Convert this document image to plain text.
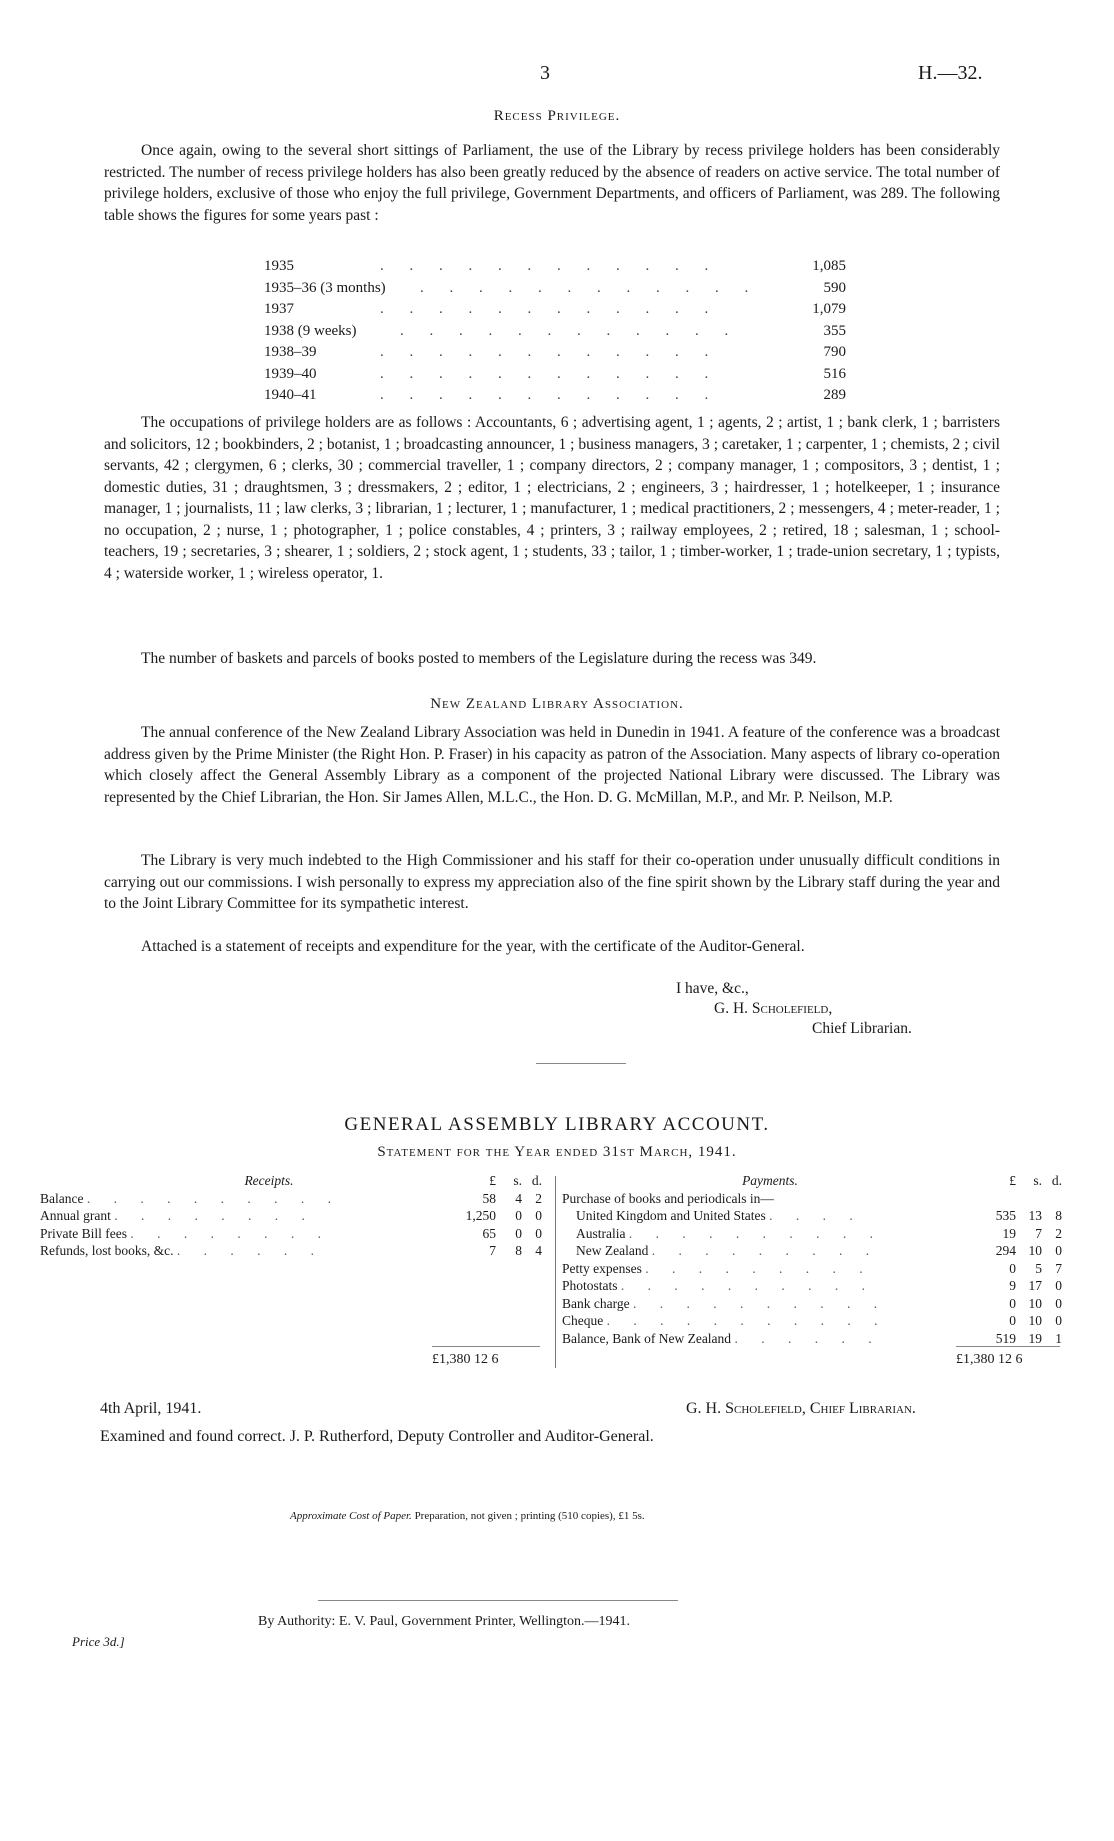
3	H.—32.
Recess Privilege.

Once again, owing to the several short sittings of Parliament, the use of the Library by recess privilege holders has been considerably restricted. The number of recess privilege holders has also been greatly reduced by the absence of readers on active service. The total number of privilege holders, exclusive of those who enjoy the full privilege, Government Departments, and officers of Parliament, was 289. The following table shows the figures for some years past :

1935	. . . . . . . . . . . .	1,085
1935–36 (3 months)	. . . . . . . . . . . .	590
1937	. . . . . . . . . . . .	1,079
1938 (9 weeks)	. . . . . . . . . . . .	355
1938–39	. . . . . . . . . . . .	790
1939–40	. . . . . . . . . . . .	516
1940–41	. . . . . . . . . . . .	289

The occupations of privilege holders are as follows : Accountants, 6 ; advertising agent, 1 ; agents, 2 ; artist, 1 ; bank clerk, 1 ; barristers and solicitors, 12 ; bookbinders, 2 ; botanist, 1 ; broadcasting announcer, 1 ; business managers, 3 ; caretaker, 1 ; carpenter, 1 ; chemists, 2 ; civil servants, 42 ; clergymen, 6 ; clerks, 30 ; commercial traveller, 1 ; company directors, 2 ; company manager, 1 ; compositors, 3 ; dentist, 1 ; domestic duties, 31 ; draughtsmen, 3 ; dressmakers, 2 ; editor, 1 ; electricians, 2 ; engineers, 3 ; hairdresser, 1 ; hotelkeeper, 1 ; insurance manager, 1 ; journalists, 11 ; law clerks, 3 ; librarian, 1 ; lecturer, 1 ; manufacturer, 1 ; medical practitioners, 2 ; messengers, 4 ; meter-reader, 1 ; no occupation, 2 ; nurse, 1 ; photographer, 1 ; police constables, 4 ; printers, 3 ; railway employees, 2 ; retired, 18 ; salesman, 1 ; school-teachers, 19 ; secretaries, 3 ; shearer, 1 ; soldiers, 2 ; stock agent, 1 ; students, 33 ; tailor, 1 ; timber-worker, 1 ; trade-union secretary, 1 ; typists, 4 ; waterside worker, 1 ; wireless operator, 1.

The number of baskets and parcels of books posted to members of the Legislature during the recess was 349.

New Zealand Library Association.

The annual conference of the New Zealand Library Association was held in Dunedin in 1941. A feature of the conference was a broadcast address given by the Prime Minister (the Right Hon. P. Fraser) in his capacity as patron of the Association. Many aspects of library co-operation which closely affect the General Assembly Library as a component of the projected National Library were discussed. The Library was represented by the Chief Librarian, the Hon. Sir James Allen, M.L.C., the Hon. D. G. McMillan, M.P., and Mr. P. Neilson, M.P.

The Library is very much indebted to the High Commissioner and his staff for their co-operation under unusually difficult conditions in carrying out our commissions. I wish personally to express my appreciation also of the fine spirit shown by the Library staff during the year and to the Joint Library Committee for its sympathetic interest.

Attached is a statement of receipts and expenditure for the year, with the certificate of the Auditor-General.

I have, &c.,
G. H. Scholefield,
Chief Librarian.
GENERAL ASSEMBLY LIBRARY ACCOUNT.
Statement for the Year ended 31st March, 1941.
Receipts.	£	s. d.
Balance . . . . . . . . . .	58	4 2
Annual grant . . . . . . . .	1,250	0 0
Private Bill fees . . . . . . . .	65	0 0
Refunds, lost books, &c. . . . . . .	7	8 4
Payments.	£	s. d.
Purchase of books and periodicals in—
United Kingdom and United States . . . .	535 13 8
Australia . . . . . . . . . .	19	7 2
New Zealand . . . . . . . . .	294 10 0
Petty expenses . . . . . . . . .	0	5 7
Photostats . . . . . . . . . .	9 17 0
Bank charge . . . . . . . . . .	0 10 0
Cheque . . . . . . . . . . .	0 10 0
Balance, Bank of New Zealand . . . . . .	519 19 1
£1,380 12 6	£1,380 12 6
4th April, 1941.	G. H. Scholefield, Chief Librarian.
Examined and found correct. J. P. Rutherford, Deputy Controller and Auditor-General.
Approximate Cost of Paper. Preparation, not given ; printing (510 copies), £1 5s.
By Authority: E. V. Paul, Government Printer, Wellington.—1941.
Price 3d.]
